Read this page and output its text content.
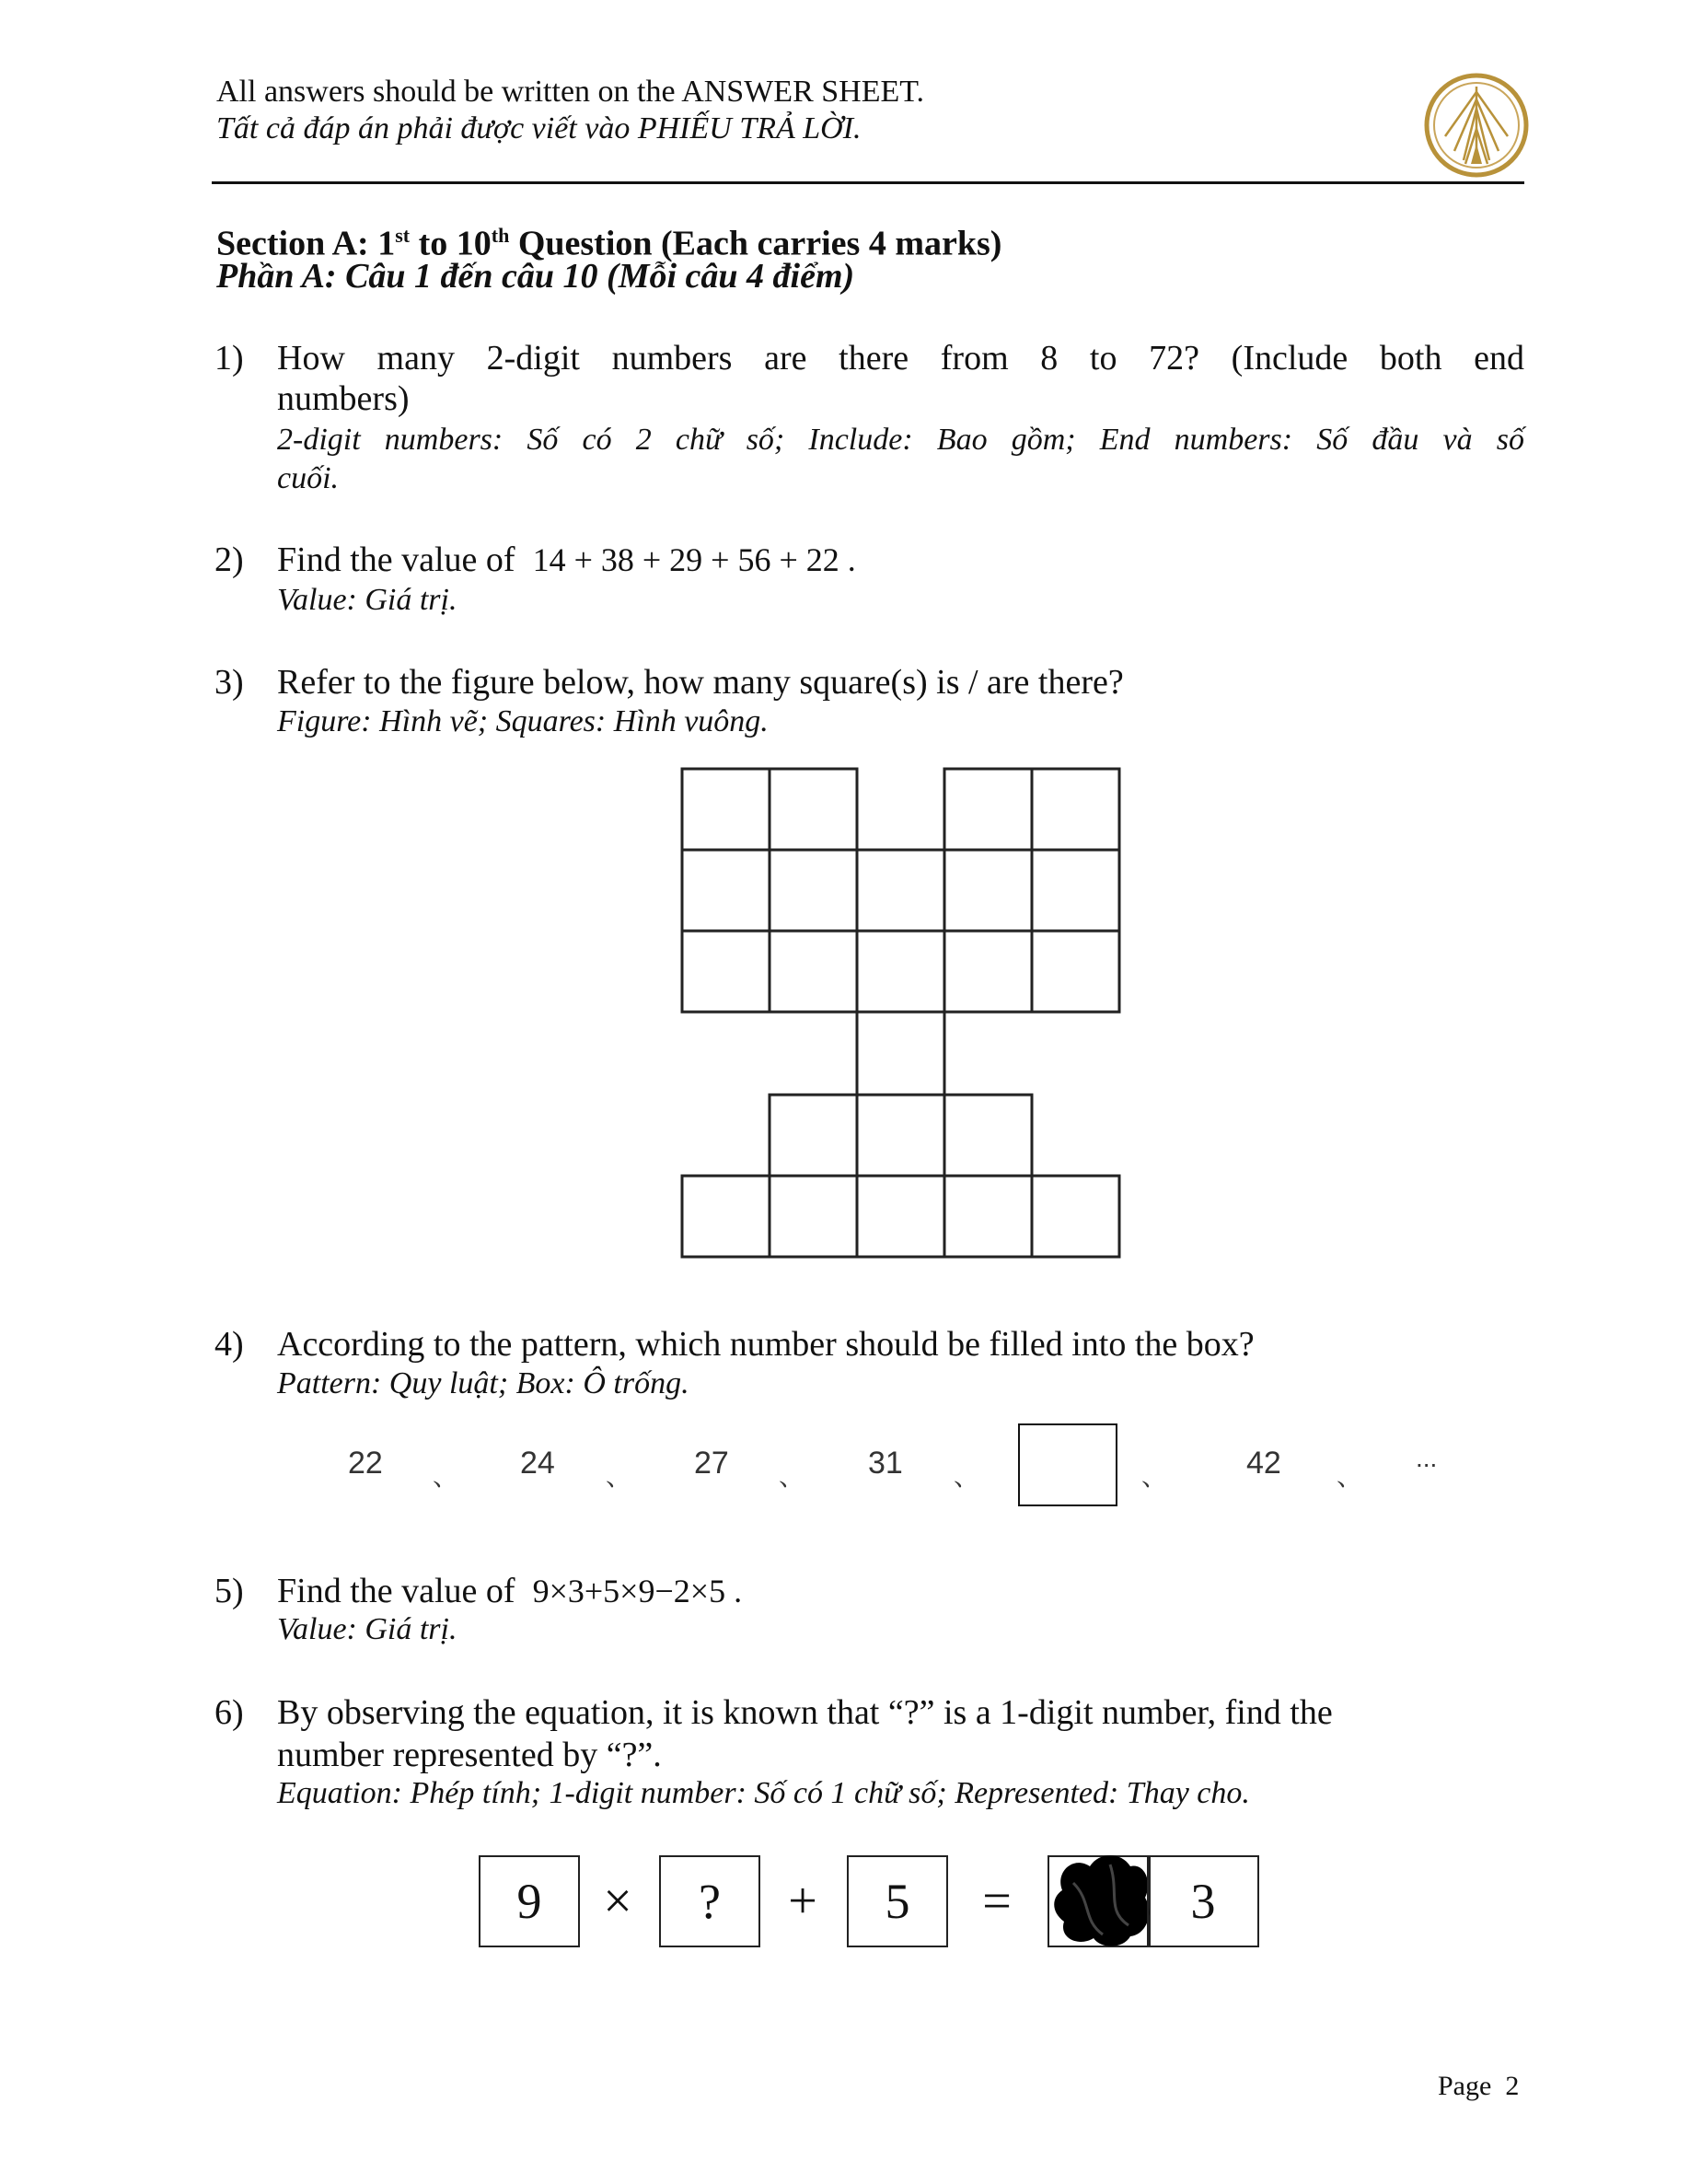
All answers should be written on the ANSWER SHEET.
Tất cả đáp án phải được viết vào PHIẾU TRẢ LỜI.
Section A: 1st to 10th Question (Each carries 4 marks)
Phần A: Câu 1 đến câu 10 (Mỗi câu 4 điểm)
1) How many 2-digit numbers are there from 8 to 72? (Include both end
numbers)
2-digit numbers: Số có 2 chữ số; Include: Bao gồm; End numbers: Số đầu và số
cuối.
2) Find the value of 14 + 38 + 29 + 56 + 22 .
Value: Giá trị.
3) Refer to the figure below, how many square(s) is / are there?
Figure: Hình vẽ; Squares: Hình vuông.
4) According to the pattern, which number should be filled into the box?
Pattern: Quy luật; Box: Ô trống.
22 、 24 、 27 、 31 、	、	42 、
...
5) Find the value of 9×3+5×9−2×5 .
Value: Giá trị.
6) By observing the equation, it is known that “?” is a 1-digit number, find the
number represented by “?”.
Equation: Phép tính; 1-digit number: Số có 1 chữ số; Represented: Thay cho.
9	×	?	+	5	=	3
Page  2
